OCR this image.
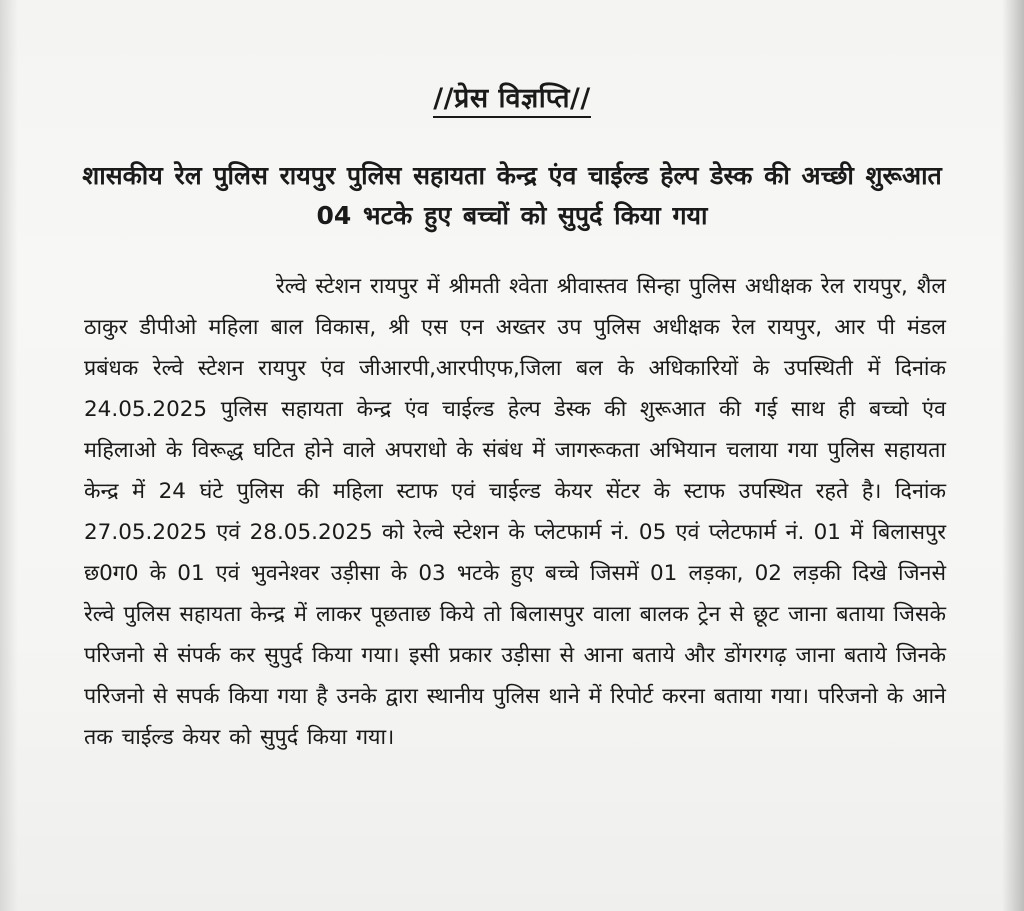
//प्रेस विज्ञप्ति//
शासकीय रेल पुलिस रायपुर पुलिस सहायता केन्द्र एंव चाईल्ड हेल्प डेस्क की अच्छी शुरूआत 04 भटके हुए बच्चों को सुपुर्द किया गया
रेल्वे स्टेशन रायपुर में श्रीमती श्वेता श्रीवास्तव सिन्हा पुलिस अधीक्षक रेल रायपुर, शैल ठाकुर डीपीओ महिला बाल विकास, श्री एस एन अख्तर उप पुलिस अधीक्षक रेल रायपुर, आर पी मंडल प्रबंधक रेल्वे स्टेशन रायपुर एंव जीआरपी,आरपीएफ,जिला बल के अधिकारियों के उपस्थिती में दिनांक 24.05.2025 पुलिस सहायता केन्द्र एंव चाईल्ड हेल्प डेस्क की शुरूआत की गई साथ ही बच्चो एंव महिलाओ के विरूद्ध घटित होने वाले अपराधो के संबंध में जागरूकता अभियान चलाया गया पुलिस सहायता केन्द्र में 24 घंटे पुलिस की महिला स्टाफ एवं चाईल्ड केयर सेंटर के स्टाफ उपस्थित रहते है। दिनांक 27.05.2025 एवं 28.05.2025 को रेल्वे स्टेशन के प्लेटफार्म नं. 05 एवं प्लेटफार्म नं. 01 में बिलासपुर छ0ग0 के 01 एवं भुवनेश्वर उड़ीसा के 03 भटके हुए बच्चे जिसमें 01 लड़का, 02 लड़की दिखे जिनसे रेल्वे पुलिस सहायता केन्द्र में लाकर पूछताछ किये तो बिलासपुर वाला बालक ट्रेन से छूट जाना बताया जिसके परिजनो से संपर्क कर सुपुर्द किया गया। इसी प्रकार उड़ीसा से आना बताये और डोंगरगढ़ जाना बताये जिनके परिजनो से सपर्क किया गया है उनके द्वारा स्थानीय पुलिस थाने में रिपोर्ट करना बताया गया। परिजनो के आने तक चाईल्ड केयर को सुपुर्द किया गया।
